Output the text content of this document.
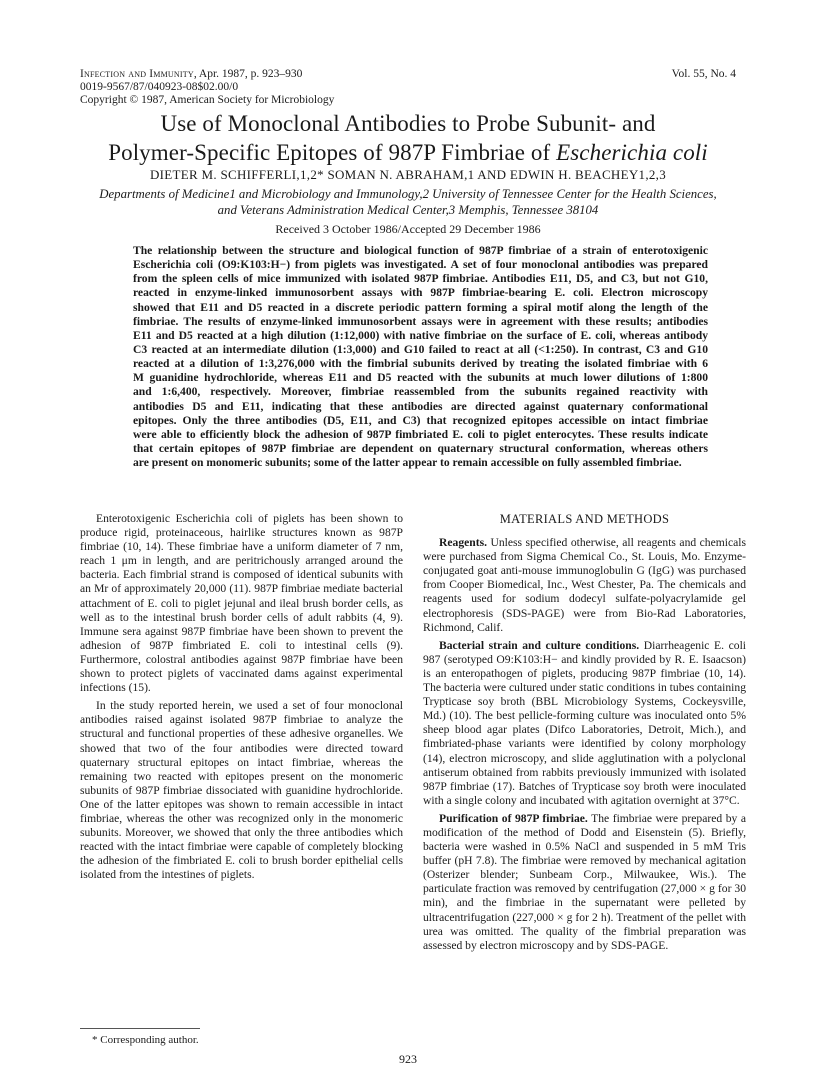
Infection and Immunity, Apr. 1987, p. 923–930
0019-9567/87/040923-08$02.00/0
Copyright © 1987, American Society for Microbiology
Vol. 55, No. 4
Use of Monoclonal Antibodies to Probe Subunit- and
Polymer-Specific Epitopes of 987P Fimbriae of Escherichia coli
DIETER M. SCHIFFERLI,1,2* SOMAN N. ABRAHAM,1 AND EDWIN H. BEACHEY1,2,3
Departments of Medicine1 and Microbiology and Immunology,2 University of Tennessee Center for the Health Sciences,
and Veterans Administration Medical Center,3 Memphis, Tennessee 38104
Received 3 October 1986/Accepted 29 December 1986
The relationship between the structure and biological function of 987P fimbriae of a strain of enterotoxigenic
Escherichia coli (O9:K103:H−) from piglets was investigated. A set of four monoclonal antibodies was prepared
from the spleen cells of mice immunized with isolated 987P fimbriae. Antibodies E11, D5, and C3, but not G10,
reacted in enzyme-linked immunosorbent assays with 987P fimbriae-bearing E. coli. Electron microscopy
showed that E11 and D5 reacted in a discrete periodic pattern forming a spiral motif along the length of the
fimbriae. The results of enzyme-linked immunosorbent assays were in agreement with these results; antibodies
E11 and D5 reacted at a high dilution (1:12,000) with native fimbriae on the surface of E. coli, whereas antibody
C3 reacted at an intermediate dilution (1:3,000) and G10 failed to react at all (<1:250). In contrast, C3 and G10
reacted at a dilution of 1:3,276,000 with the fimbrial subunits derived by treating the isolated fimbriae with 6
M guanidine hydrochloride, whereas E11 and D5 reacted with the subunits at much lower dilutions of 1:800
and 1:6,400, respectively. Moreover, fimbriae reassembled from the subunits regained reactivity with
antibodies D5 and E11, indicating that these antibodies are directed against quaternary conformational
epitopes. Only the three antibodies (D5, E11, and C3) that recognized epitopes accessible on intact fimbriae
were able to efficiently block the adhesion of 987P fimbriated E. coli to piglet enterocytes. These results indicate
that certain epitopes of 987P fimbriae are dependent on quaternary structural conformation, whereas others
are present on monomeric subunits; some of the latter appear to remain accessible on fully assembled fimbriae.

Enterotoxigenic Escherichia coli of piglets has been shown to produce rigid, proteinaceous, hairlike structures known as 987P fimbriae (10, 14). These fimbriae have a uniform diameter of 7 nm, reach 1 μm in length, and are peritrichously arranged around the bacteria. Each fimbrial strand is composed of identical subunits with an Mr of approximately 20,000 (11). 987P fimbriae mediate bacterial attachment of E. coli to piglet jejunal and ileal brush border cells, as well as to the intestinal brush border cells of adult rabbits (4, 9). Immune sera against 987P fimbriae have been shown to prevent the adhesion of 987P fimbriated E. coli to intestinal cells (9). Furthermore, colostral antibodies against 987P fimbriae have been shown to protect piglets of vaccinated dams against experimental infections (15).

In the study reported herein, we used a set of four monoclonal antibodies raised against isolated 987P fimbriae to analyze the structural and functional properties of these adhesive organelles. We showed that two of the four antibodies were directed toward quaternary structural epitopes on intact fimbriae, whereas the remaining two reacted with epitopes present on the monomeric subunits of 987P fimbriae dissociated with guanidine hydrochloride. One of the latter epitopes was shown to remain accessible in intact fimbriae, whereas the other was recognized only in the monomeric subunits. Moreover, we showed that only the three antibodies which reacted with the intact fimbriae were capable of completely blocking the adhesion of the fimbriated E. coli to brush border epithelial cells isolated from the intestines of piglets.

MATERIALS AND METHODS

Reagents. Unless specified otherwise, all reagents and chemicals were purchased from Sigma Chemical Co., St. Louis, Mo. Enzyme-conjugated goat anti-mouse immunoglobulin G (IgG) was purchased from Cooper Biomedical, Inc., West Chester, Pa. The chemicals and reagents used for sodium dodecyl sulfate-polyacrylamide gel electrophoresis (SDS-PAGE) were from Bio-Rad Laboratories, Richmond, Calif.

Bacterial strain and culture conditions. Diarrheagenic E. coli 987 (serotyped O9:K103:H− and kindly provided by R. E. Isaacson) is an enteropathogen of piglets, producing 987P fimbriae (10, 14). The bacteria were cultured under static conditions in tubes containing Trypticase soy broth (BBL Microbiology Systems, Cockeysville, Md.) (10). The best pellicle-forming culture was inoculated onto 5% sheep blood agar plates (Difco Laboratories, Detroit, Mich.), and fimbriated-phase variants were identified by colony morphology (14), electron microscopy, and slide agglutination with a polyclonal antiserum obtained from rabbits previously immunized with isolated 987P fimbriae (17). Batches of Trypticase soy broth were inoculated with a single colony and incubated with agitation overnight at 37°C.

Purification of 987P fimbriae. The fimbriae were prepared by a modification of the method of Dodd and Eisenstein (5). Briefly, bacteria were washed in 0.5% NaCl and suspended in 5 mM Tris buffer (pH 7.8). The fimbriae were removed by mechanical agitation (Osterizer blender; Sunbeam Corp., Milwaukee, Wis.). The particulate fraction was removed by centrifugation (27,000 × g for 30 min), and the fimbriae in the supernatant were pelleted by ultracentrifugation (227,000 × g for 2 h). Treatment of the pellet with urea was omitted. The quality of the fimbrial preparation was assessed by electron microscopy and by SDS-PAGE.

* Corresponding author.
923
